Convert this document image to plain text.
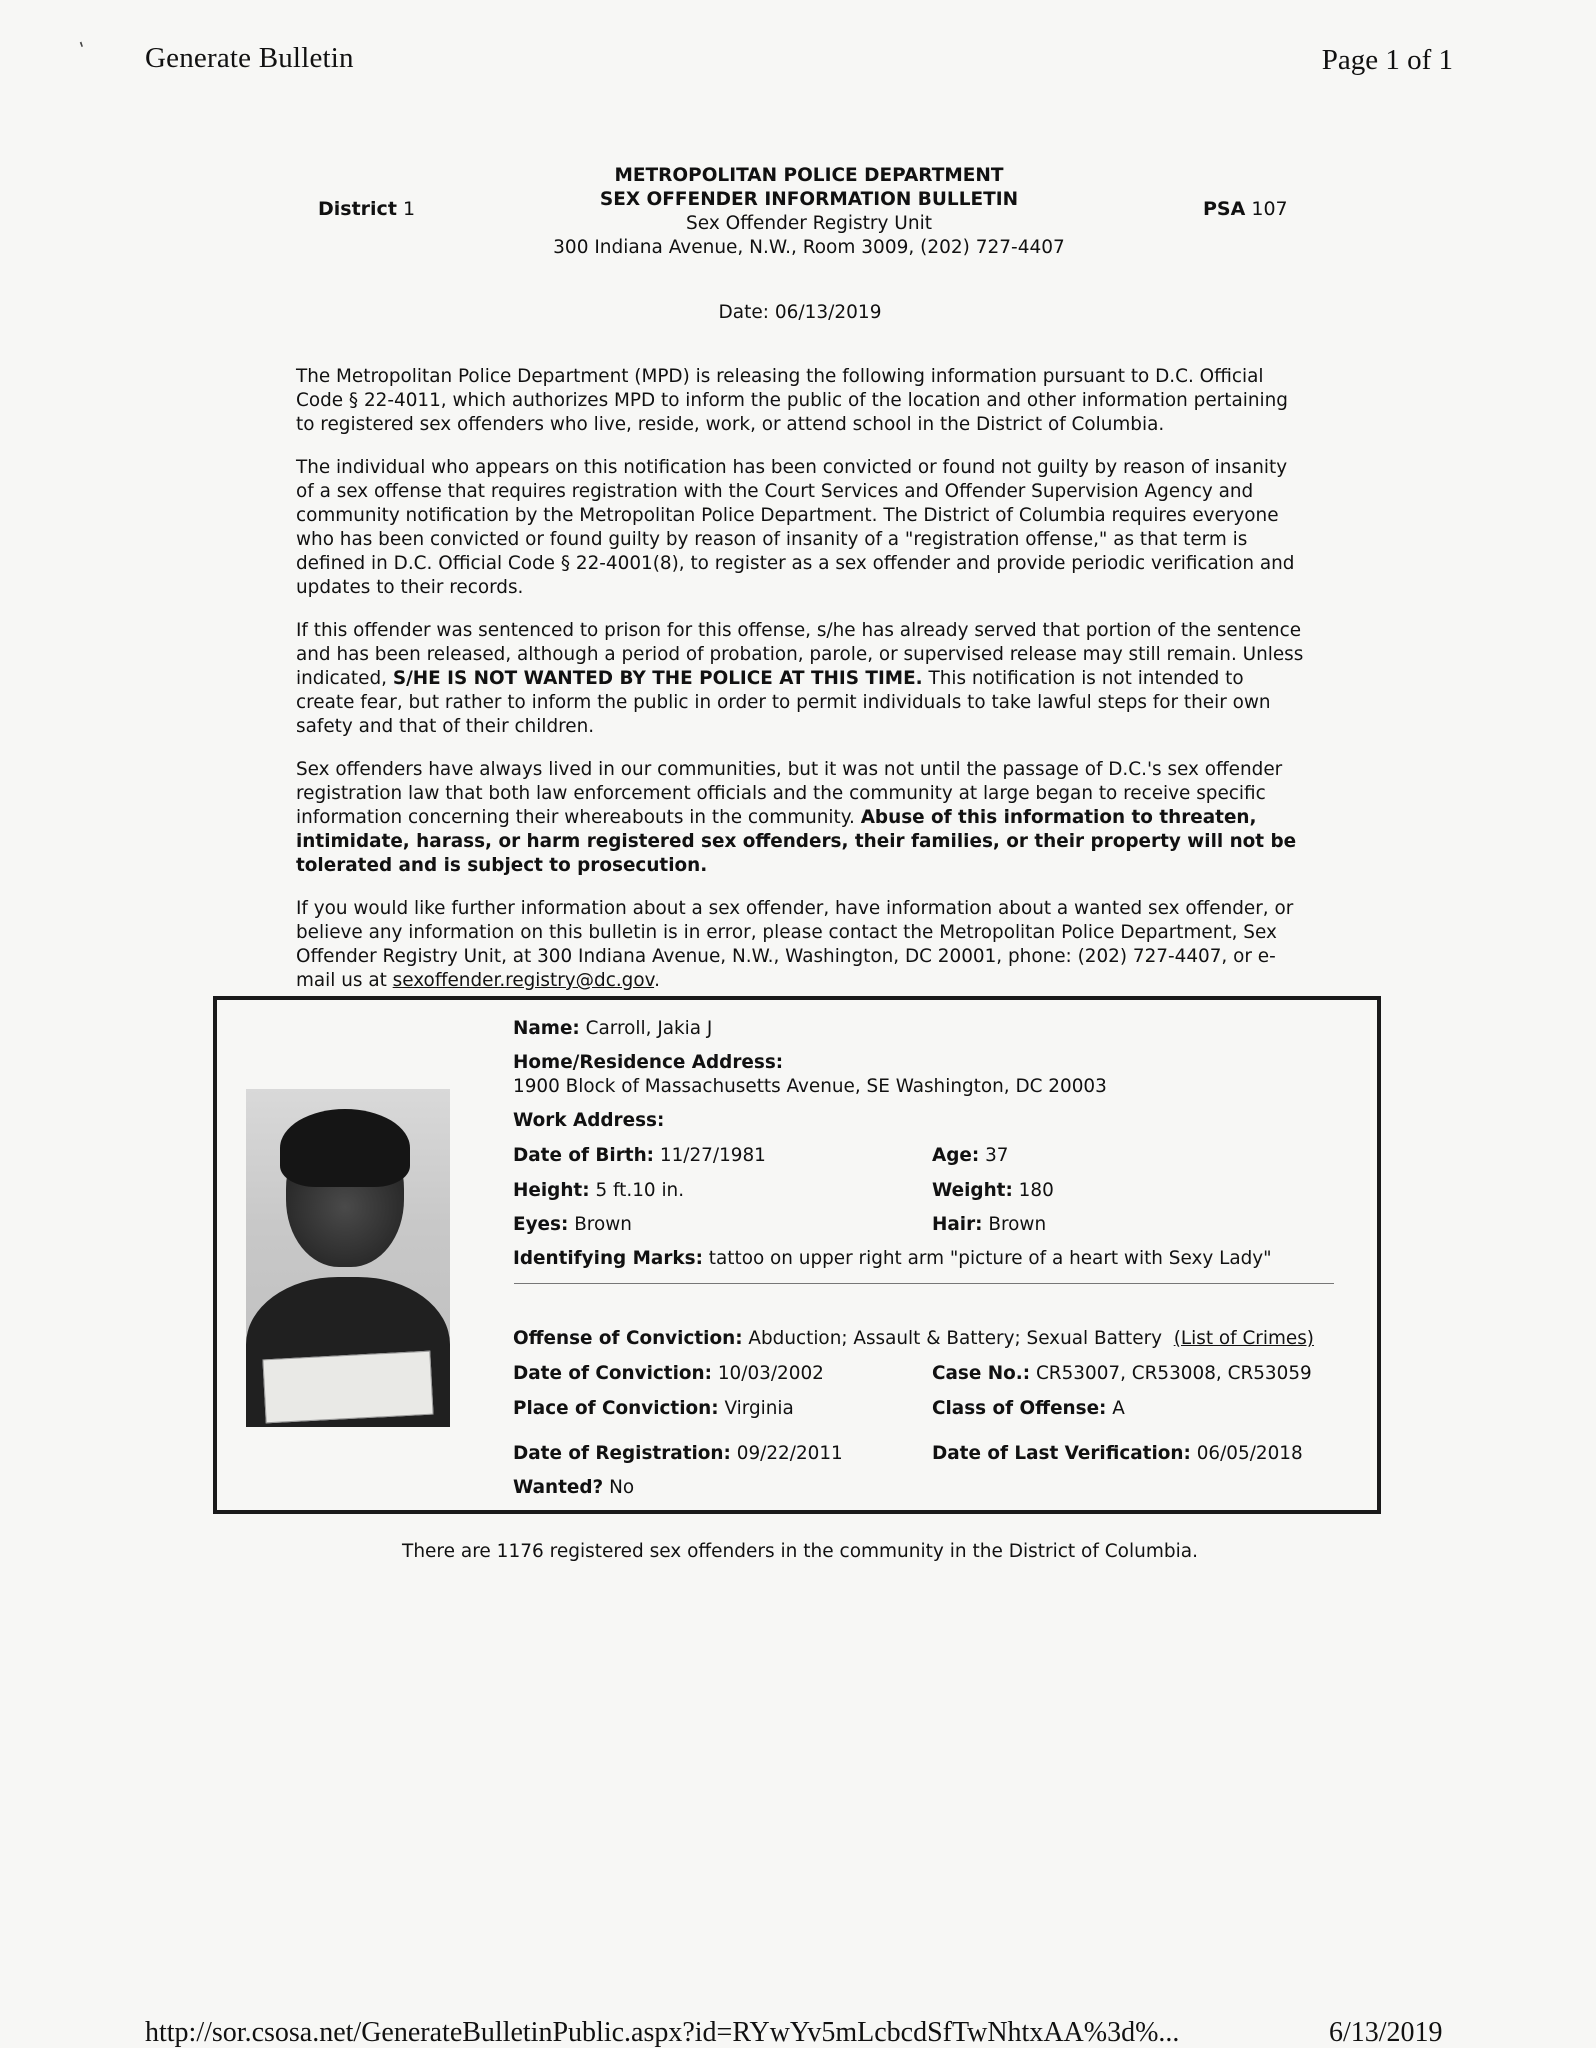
Generate Bulletin	Page 1 of 1
ʹ
District 1	PSA 107
METROPOLITAN POLICE DEPARTMENT
SEX OFFENDER INFORMATION BULLETIN
Sex Offender Registry Unit
300 Indiana Avenue, N.W., Room 3009, (202) 727-4407
Date: 06/13/2019

The Metropolitan Police Department (MPD) is releasing the following information pursuant to D.C. Official Code § 22-4011, which authorizes MPD to inform the public of the location and other information pertaining to registered sex offenders who live, reside, work, or attend school in the District of Columbia.

The individual who appears on this notification has been convicted or found not guilty by reason of insanity of a sex offense that requires registration with the Court Services and Offender Supervision Agency and community notification by the Metropolitan Police Department. The District of Columbia requires everyone who has been convicted or found guilty by reason of insanity of a "registration offense," as that term is defined in D.C. Official Code § 22-4001(8), to register as a sex offender and provide periodic verification and updates to their records.

If this offender was sentenced to prison for this offense, s/he has already served that portion of the sentence and has been released, although a period of probation, parole, or supervised release may still remain. Unless indicated, S/HE IS NOT WANTED BY THE POLICE AT THIS TIME. This notification is not intended to create fear, but rather to inform the public in order to permit individuals to take lawful steps for their own safety and that of their children.

Sex offenders have always lived in our communities, but it was not until the passage of D.C.'s sex offender registration law that both law enforcement officials and the community at large began to receive specific information concerning their whereabouts in the community. Abuse of this information to threaten, intimidate, harass, or harm registered sex offenders, their families, or their property will not be tolerated and is subject to prosecution.

If you would like further information about a sex offender, have information about a wanted sex offender, or believe any information on this bulletin is in error, please contact the Metropolitan Police Department, Sex Offender Registry Unit, at 300 Indiana Avenue, N.W., Washington, DC 20001, phone: (202) 727-4407, or e-mail us at sexoffender.registry@dc.gov.

Name: Carroll, Jakia J
Home/Residence Address:
1900 Block of Massachusetts Avenue, SE Washington, DC 20003
Work Address:
Date of Birth: 11/27/1981	Age: 37
Height: 5 ft.10 in.	Weight: 180
Eyes: Brown	Hair: Brown
Identifying Marks: tattoo on upper right arm "picture of a heart with Sexy Lady"
Offense of Conviction: Abduction; Assault & Battery; Sexual Battery (List of Crimes)
Date of Conviction: 10/03/2002	Case No.: CR53007, CR53008, CR53059
Place of Conviction: Virginia	Class of Offense: A
Date of Registration: 09/22/2011	Date of Last Verification: 06/05/2018
Wanted? No
There are 1176 registered sex offenders in the community in the District of Columbia.
http://sor.csosa.net/GenerateBulletinPublic.aspx?id=RYwYv5mLcbcdSfTwNhtxAA%3d%...	6/13/2019
